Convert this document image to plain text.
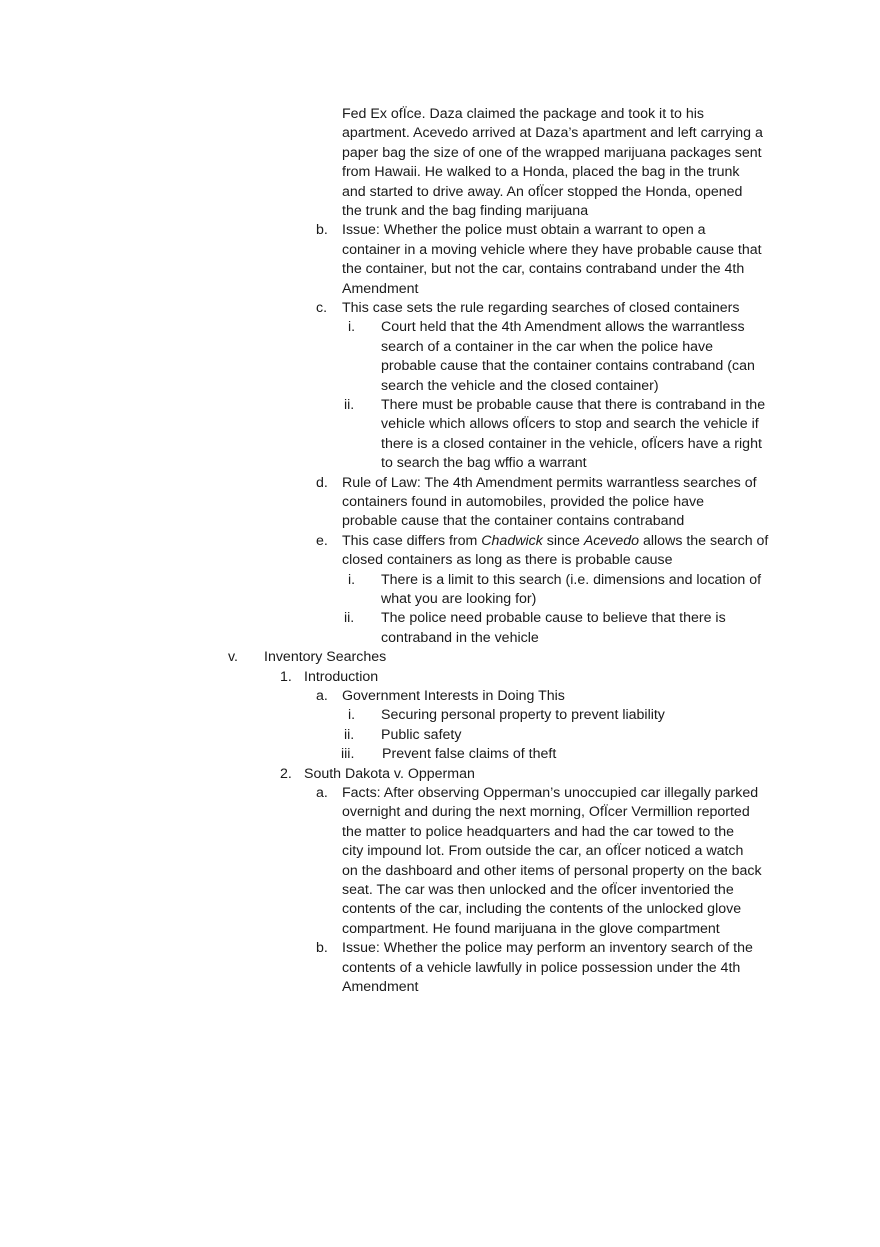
Fed Ex ofÏce. Daza claimed the package and took it to his
apartment. Acevedo arrived at Daza’s apartment and left carrying a
paper bag the size of one of the wrapped marijuana packages sent
from Hawaii. He walked to a Honda, placed the bag in the trunk
and started to drive away. An ofÏcer stopped the Honda, opened
the trunk and the bag finding marijuana
b. Issue: Whether the police must obtain a warrant to open a
container in a moving vehicle where they have probable cause that
the container, but not the car, contains contraband under the 4th
Amendment
c. This case sets the rule regarding searches of closed containers
i. Court held that the 4th Amendment allows the warrantless
search of a container in the car when the police have
probable cause that the container contains contraband (can
search the vehicle and the closed container)
ii. There must be probable cause that there is contraband in the
vehicle which allows ofÏcers to stop and search the vehicle if
there is a closed container in the vehicle, ofÏcers have a right
to search the bag wffio a warrant
d. Rule of Law: The 4th Amendment permits warrantless searches of
containers found in automobiles, provided the police have
probable cause that the container contains contraband
e. This case differs from Chadwick since Acevedo allows the search of
closed containers as long as there is probable cause
i. There is a limit to this search (i.e. dimensions and location of
what you are looking for)
ii. The police need probable cause to believe that there is
contraband in the vehicle
v. Inventory Searches
1. Introduction
a. Government Interests in Doing This
i. Securing personal property to prevent liability
ii. Public safety
iii. Prevent false claims of theft
2. South Dakota v. Opperman
a. Facts: After observing Opperman’s unoccupied car illegally parked
overnight and during the next morning, OfÏcer Vermillion reported
the matter to police headquarters and had the car towed to the
city impound lot. From outside the car, an ofÏcer noticed a watch
on the dashboard and other items of personal property on the back
seat. The car was then unlocked and the ofÏcer inventoried the
contents of the car, including the contents of the unlocked glove
compartment. He found marijuana in the glove compartment
b. Issue: Whether the police may perform an inventory search of the
contents of a vehicle lawfully in police possession under the 4th
Amendment
